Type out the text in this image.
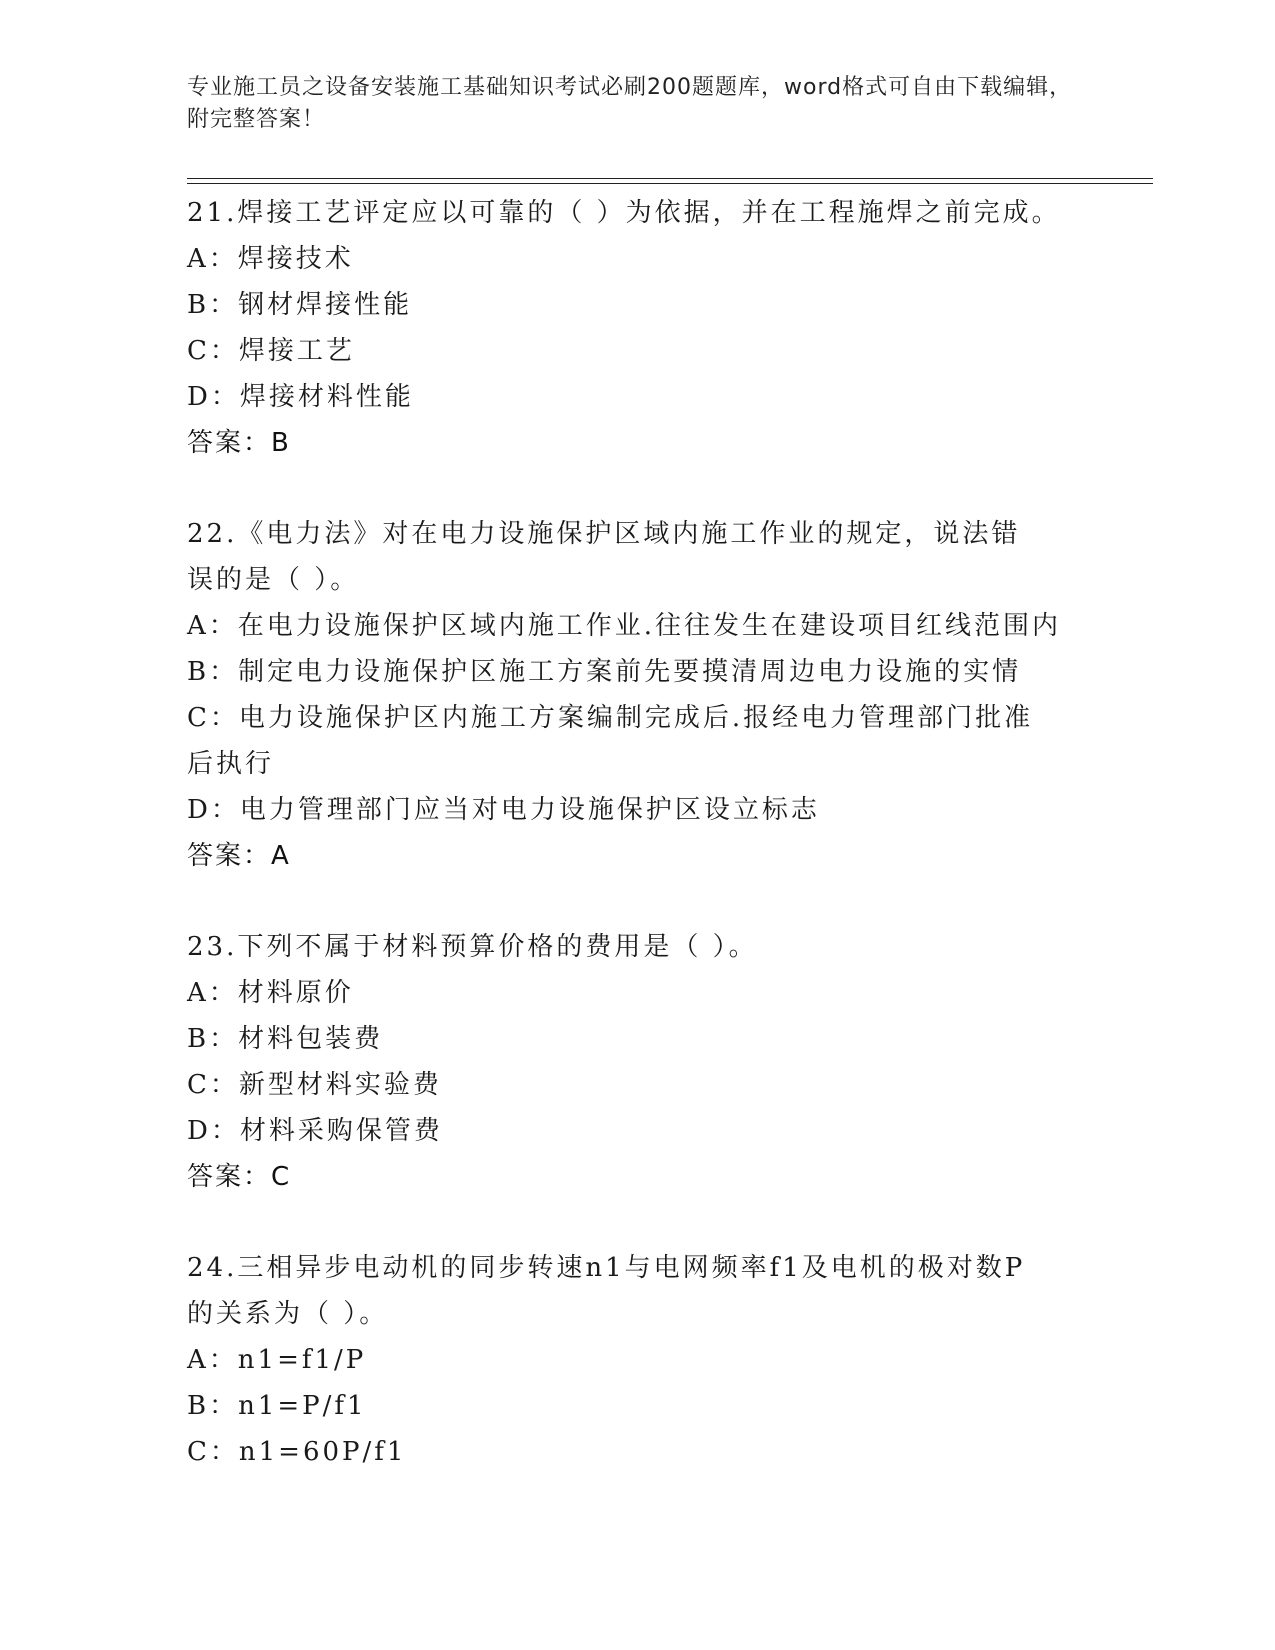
专业施工员之设备安装施工基础知识考试必刷200题题库，word格式可自由下载编辑，附完整答案！
21.焊接工艺评定应以可靠的（ ）为依据，并在工程施焊之前完成。
A：焊接技术
B：钢材焊接性能
C：焊接工艺
D：焊接材料性能
答案：B
22.《电力法》对在电力设施保护区域内施工作业的规定，说法错误的是（ ）。
A：在电力设施保护区域内施工作业.往往发生在建设项目红线范围内
B：制定电力设施保护区施工方案前先要摸清周边电力设施的实情
C：电力设施保护区内施工方案编制完成后.报经电力管理部门批准后执行
D：电力管理部门应当对电力设施保护区设立标志
答案：A
23.下列不属于材料预算价格的费用是（ ）。
A：材料原价
B：材料包装费
C：新型材料实验费
D：材料采购保管费
答案：C
24.三相异步电动机的同步转速n1与电网频率f1及电机的极对数P的关系为（ ）。
A：n1=f1/P
B：n1=P/f1
C：n1=60P/f1
